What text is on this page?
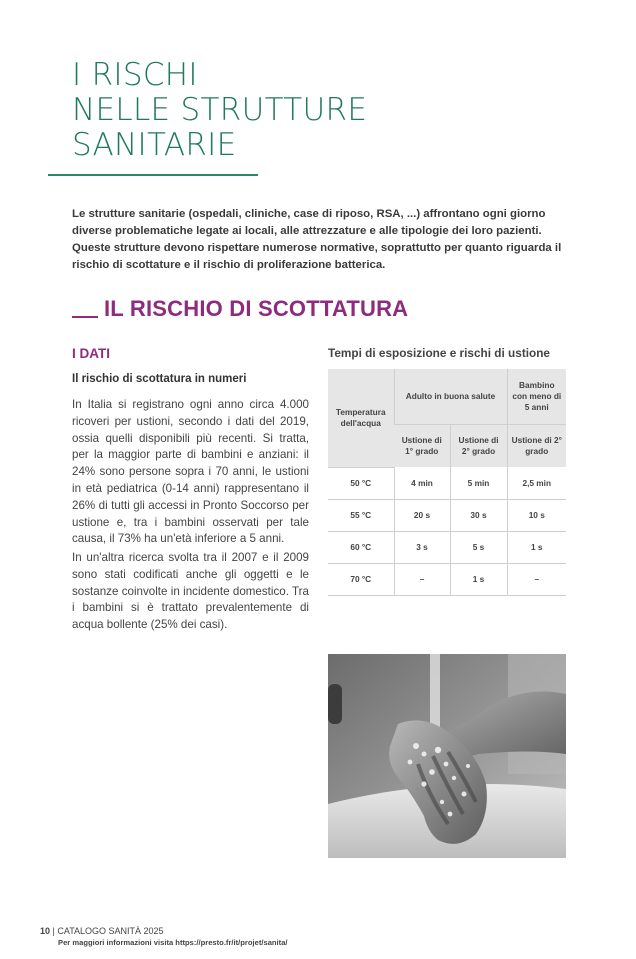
I RISCHI
NELLE STRUTTURE
SANITARIE
Le strutture sanitarie (ospedali, cliniche, case di riposo, RSA, ...) affrontano ogni giorno diverse problematiche legate ai locali, alle attrezzature e alle tipologie dei loro pazienti. Queste strutture devono rispettare numerose normative, soprattutto per quanto riguarda il rischio di scottature e il rischio di proliferazione batterica.
IL RISCHIO DI SCOTTATURA
I DATI
Il rischio di scottatura in numeri
In Italia si registrano ogni anno circa 4.000 ricoveri per ustioni, secondo i dati del 2019, ossia quelli disponibili più recenti. Si tratta, per la maggior parte di bambini e anziani: il 24% sono persone sopra i 70 anni, le ustioni in età pediatrica (0-14 anni) rappresentano il 26% di tutti gli accessi in Pronto Soccorso per ustione e, tra i bambini osservati per tale causa, il 73% ha un'età inferiore a 5 anni.
In un'altra ricerca svolta tra il 2007 e il 2009 sono stati codificati anche gli oggetti e le sostanze coinvolte in incidente domestico. Tra i bambini si è trattato prevalentemente di acqua bollente (25% dei casi).
Tempi di esposizione e rischi di ustione
Temperatura dell'acqua	Adulto in buona salute		Bambino con meno di 5 anni
	Ustione di 1° grado	Ustione di 2° grado	Ustione di 2° grado
50 °C	4 min	5 min	2,5 min
55 °C	20 s	30 s	10 s
60 °C	3 s	5 s	1 s
70 °C	–	1 s	–
10 | CATALOGO SANITÀ 2025
Per maggiori informazioni visita https://presto.fr/it/projet/sanita/
